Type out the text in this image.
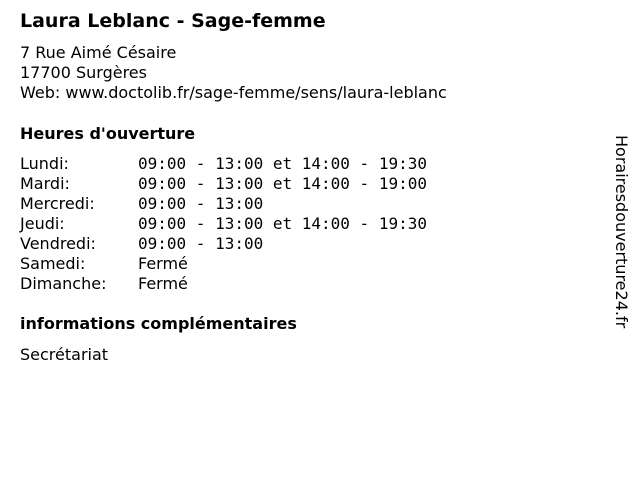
Laura Leblanc - Sage-femme
7 Rue Aimé Césaire
17700 Surgères
Web: www.doctolib.fr/sage-femme/sens/laura-leblanc
Heures d'ouverture
Lundi:	09:00 - 13:00 et 14:00 - 19:30
Mardi:	09:00 - 13:00 et 14:00 - 19:00
Mercredi:	09:00 - 13:00
Jeudi:	09:00 - 13:00 et 14:00 - 19:30
Vendredi:	09:00 - 13:00
Samedi:	Fermé
Dimanche: Fermé
informations complémentaires
Secrétariat
Horairesdouverture24.fr
